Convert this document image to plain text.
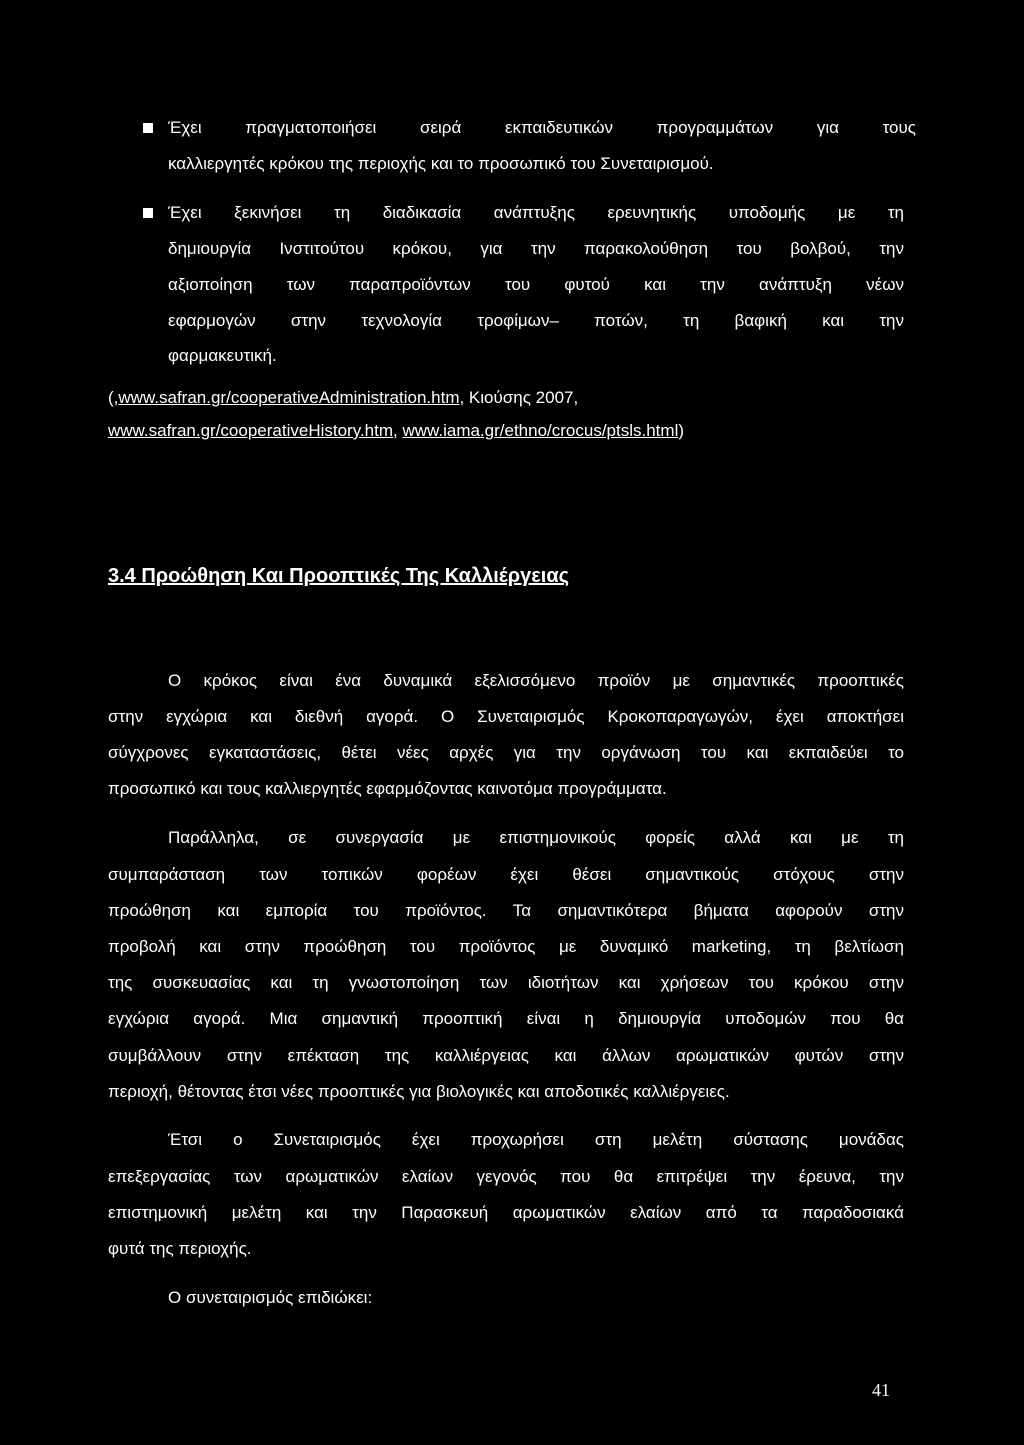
Έχει πραγματοποιήσει σειρά εκπαιδευτικών προγραμμάτων για τους
καλλιεργητές κρόκου της περιοχής και το προσωπικό του Συνεταιρισμού.
Έχει ξεκινήσει τη διαδικασία ανάπτυξης ερευνητικής υποδομής με τη
δημιουργία Ινστιτούτου κρόκου, για την παρακολούθηση του βολβού, την
αξιοποίηση των παραπροϊόντων του φυτού και την ανάπτυξη νέων
εφαρμογών στην τεχνολογία τροφίμων– ποτών, τη βαφική και την
φαρμακευτική.
(,www.safran.gr/cooperativeAdministration.htm, Κιούσης 2007,
www.safran.gr/cooperativeHistory.htm, www.iama.gr/ethno/crocus/ptsls.html)
3.4 Προώθηση Και Προοπτικές Της Καλλιέργειας
Ο κρόκος είναι ένα δυναμικά εξελισσόμενο προϊόν με σημαντικές προοπτικές
στην εγχώρια και διεθνή αγορά. Ο Συνεταιρισμός Κροκοπαραγωγών, έχει αποκτήσει
σύγχρονες εγκαταστάσεις, θέτει νέες αρχές για την οργάνωση του και εκπαιδεύει το
προσωπικό και τους καλλιεργητές εφαρμόζοντας καινοτόμα προγράμματα.
Παράλληλα, σε συνεργασία με επιστημονικούς φορείς αλλά και με τη
συμπαράσταση των τοπικών φορέων έχει θέσει σημαντικούς στόχους στην
προώθηση και εμπορία του προϊόντος. Τα σημαντικότερα βήματα αφορούν στην
προβολή και στην προώθηση του προϊόντος με δυναμικό marketing, τη βελτίωση
της συσκευασίας και τη γνωστοποίηση των ιδιοτήτων και χρήσεων του κρόκου στην
εγχώρια αγορά. Μια σημαντική προοπτική είναι η δημιουργία υποδομών που θα
συμβάλλουν στην επέκταση της καλλιέργειας και άλλων αρωματικών φυτών στην
περιοχή, θέτοντας έτσι νέες προοπτικές για βιολογικές και αποδοτικές καλλιέργειες.
Έτσι ο Συνεταιρισμός έχει προχωρήσει στη μελέτη σύστασης μονάδας
επεξεργασίας των αρωματικών ελαίων γεγονός που θα επιτρέψει την έρευνα, την
επιστημονική μελέτη και την Παρασκευή αρωματικών ελαίων από τα παραδοσιακά
φυτά της περιοχής.
Ο συνεταιρισμός επιδιώκει:
41
